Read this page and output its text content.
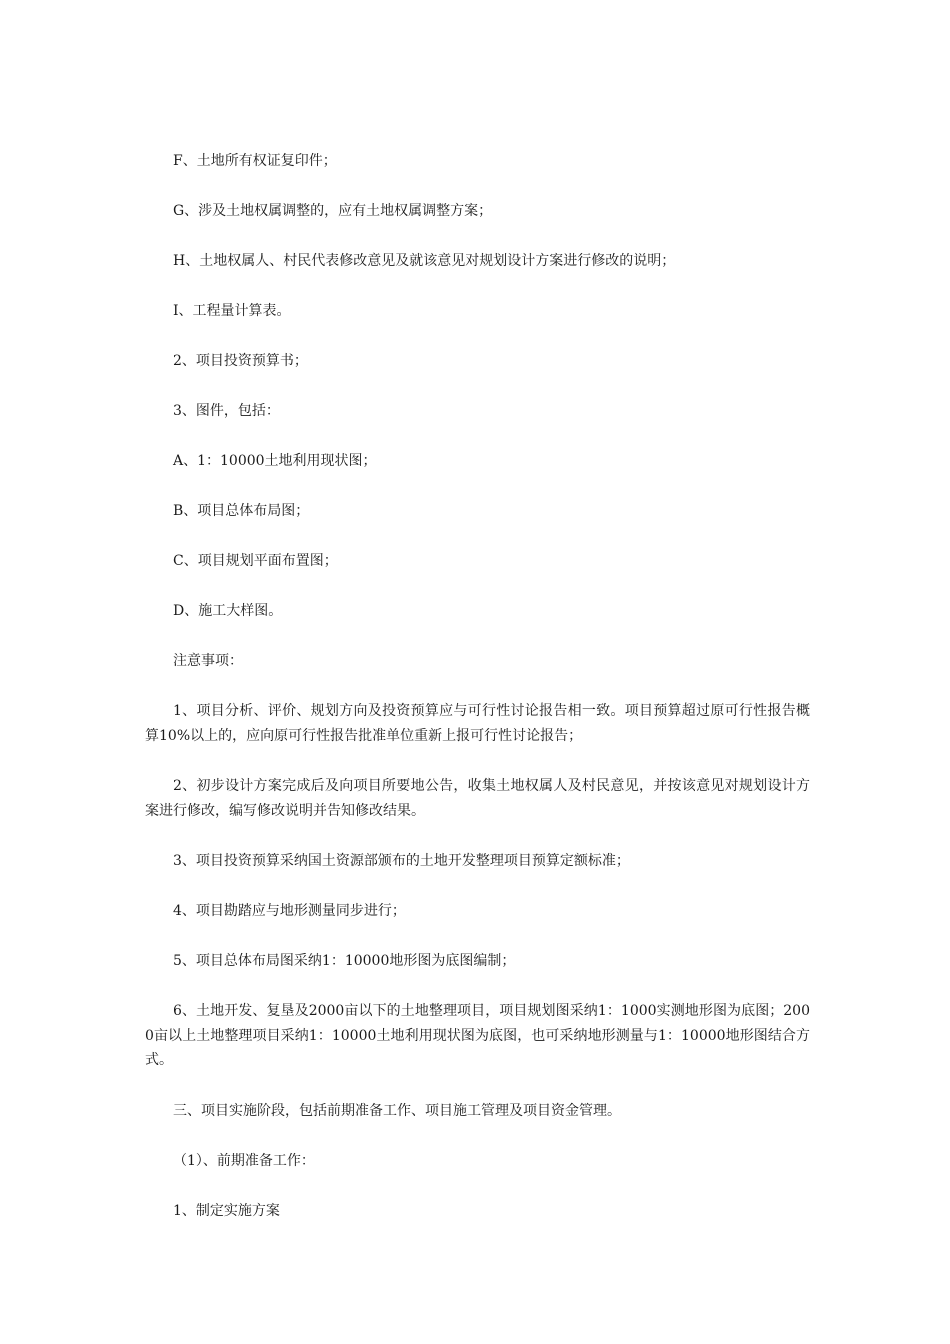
F、土地所有权证复印件；

G、涉及土地权属调整的，应有土地权属调整方案；

H、土地权属人、村民代表修改意见及就该意见对规划设计方案进行修改的说明；

I、工程量计算表。

2、项目投资预算书；

3、图件，包括：

A、1：10000土地利用现状图；

B、项目总体布局图；

C、项目规划平面布置图；

D、施工大样图。

注意事项：

1、项目分析、评价、规划方向及投资预算应与可行性讨论报告相一致。项目预算超过原可行性报告概算10%以上的，应向原可行性报告批准单位重新上报可行性讨论报告；

2、初步设计方案完成后及向项目所要地公告，收集土地权属人及村民意见，并按该意见对规划设计方案进行修改，编写修改说明并告知修改结果。

3、项目投资预算采纳国土资源部颁布的土地开发整理项目预算定额标准；

4、项目勘踏应与地形测量同步进行；

5、项目总体布局图采纳1：10000地形图为底图编制；

6、土地开发、复垦及2000亩以下的土地整理项目，项目规划图采纳1：1000实测地形图为底图；2000亩以上土地整理项目采纳1：10000土地利用现状图为底图，也可采纳地形测量与1：10000地形图结合方式。

三、项目实施阶段，包括前期准备工作、项目施工管理及项目资金管理。

（1）、前期准备工作：

1、制定实施方案
